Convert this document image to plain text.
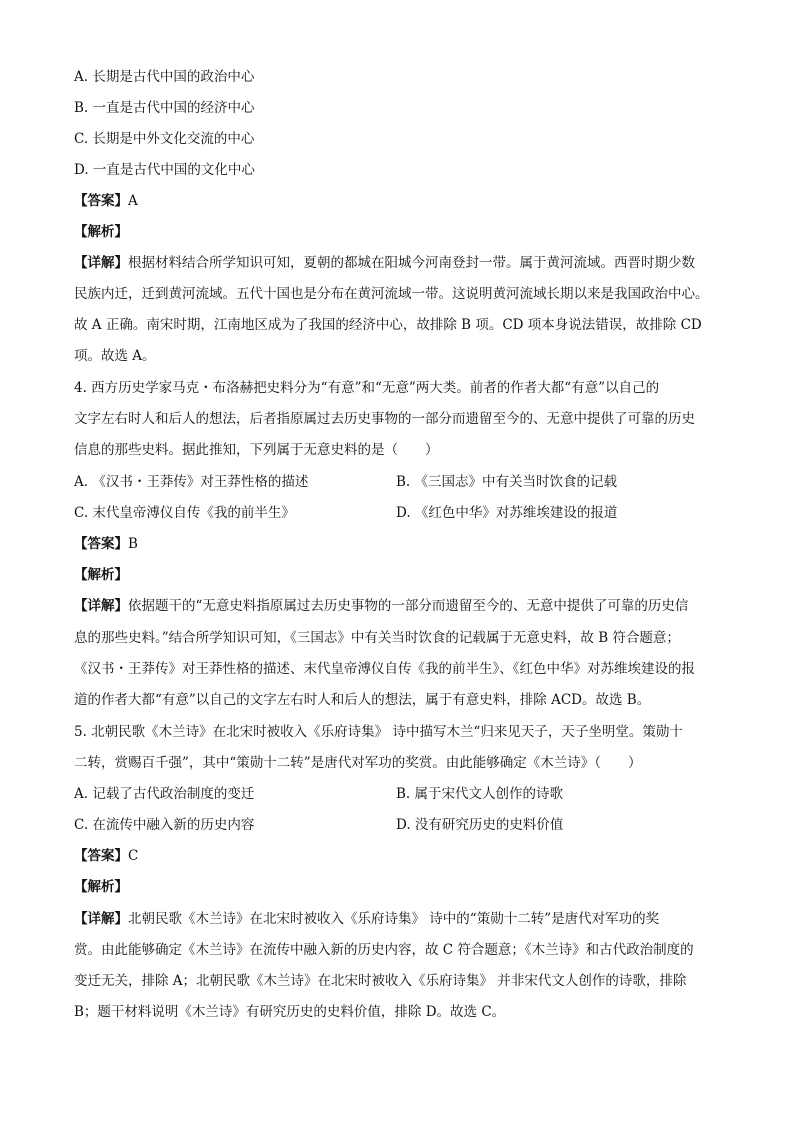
A. 长期是古代中国的政治中心
B. 一直是古代中国的经济中心
C. 长期是中外文化交流的中心
D. 一直是古代中国的文化中心
【答案】A
【解析】
【详解】根据材料结合所学知识可知，夏朝的都城在阳城今河南登封一带。属于黄河流域。西晋时期少数
民族内迁，迁到黄河流域。五代十国也是分布在黄河流域一带。这说明黄河流域长期以来是我国政治中心。
故 A 正确。南宋时期，江南地区成为了我国的经济中心，故排除 B 项。CD 项本身说法错误，故排除 CD
项。故选 A。
4. 西方历史学家马克・布洛赫把史料分为“有意”和“无意”两大类。前者的作者大都“有意”以自己的
文字左右时人和后人的想法，后者指原属过去历史事物的一部分而遗留至今的、无意中提供了可靠的历史
信息的那些史料。据此推知，下列属于无意史料的是（　　）
A. 《汉书・王莽传》对王莽性格的描述	B. 《三国志》中有关当时饮食的记载
C. 末代皇帝溥仪自传《我的前半生》	D. 《红色中华》对苏维埃建设的报道
【答案】B
【解析】
【详解】依据题干的“无意史料指原属过去历史事物的一部分而遗留至今的、无意中提供了可靠的历史信
息的那些史料。”结合所学知识可知，《三国志》中有关当时饮食的记载属于无意史料，故 B 符合题意；
《汉书・王莽传》对王莽性格的描述、末代皇帝溥仪自传《我的前半生》、《红色中华》对苏维埃建设的报
道的作者大都“有意”以自己的文字左右时人和后人的想法，属于有意史料，排除 ACD。故选 B。
5. 北朝民歌《木兰诗》在北宋时被收入《乐府诗集》 诗中描写木兰“归来见天子，天子坐明堂。策勋十
二转，赏赐百千强”，其中“策勋十二转”是唐代对军功的奖赏。由此能够确定《木兰诗》（　　）
A. 记载了古代政治制度的变迁	B. 属于宋代文人创作的诗歌
C. 在流传中融入新的历史内容	D. 没有研究历史的史料价值
【答案】C
【解析】
【详解】北朝民歌《木兰诗》在北宋时被收入《乐府诗集》 诗中的“策勋十二转”是唐代对军功的奖
赏。由此能够确定《木兰诗》在流传中融入新的历史内容，故 C 符合题意；《木兰诗》和古代政治制度的
变迁无关，排除 A；北朝民歌《木兰诗》在北宋时被收入《乐府诗集》 并非宋代文人创作的诗歌，排除
B；题干材料说明《木兰诗》有研究历史的史料价值，排除 D。故选 C。
